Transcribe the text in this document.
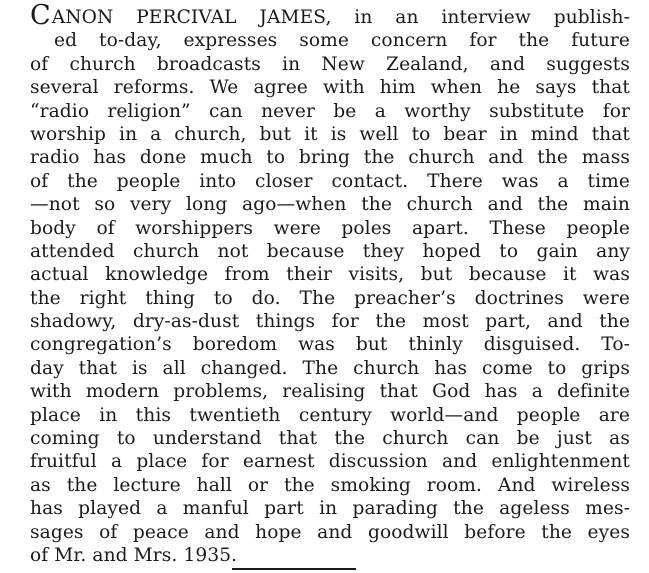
CANON PERCIVAL JAMES, in an interview publish-
ed to-day, expresses some concern for the future
of church broadcasts in New Zealand, and suggests
several reforms. We agree with him when he says that
“radio religion” can never be a worthy substitute for
worship in a church, but it is well to bear in mind that
radio has done much to bring the church and the mass
of the people into closer contact. There was a time
—not so very long ago—when the church and the main
body of worshippers were poles apart. These people
attended church not because they hoped to gain any
actual knowledge from their visits, but because it was
the right thing to do. The preacher’s doctrines were
shadowy, dry-as-dust things for the most part, and the
congregation’s boredom was but thinly disguised. To-
day that is all changed. The church has come to grips
with modern problems, realising that God has a definite
place in this twentieth century world—and people are
coming to understand that the church can be just as
fruitful a place for earnest discussion and enlightenment
as the lecture hall or the smoking room. And wireless
has played a manful part in parading the ageless mes-
sages of peace and hope and goodwill before the eyes
of Mr. and Mrs. 1935.
